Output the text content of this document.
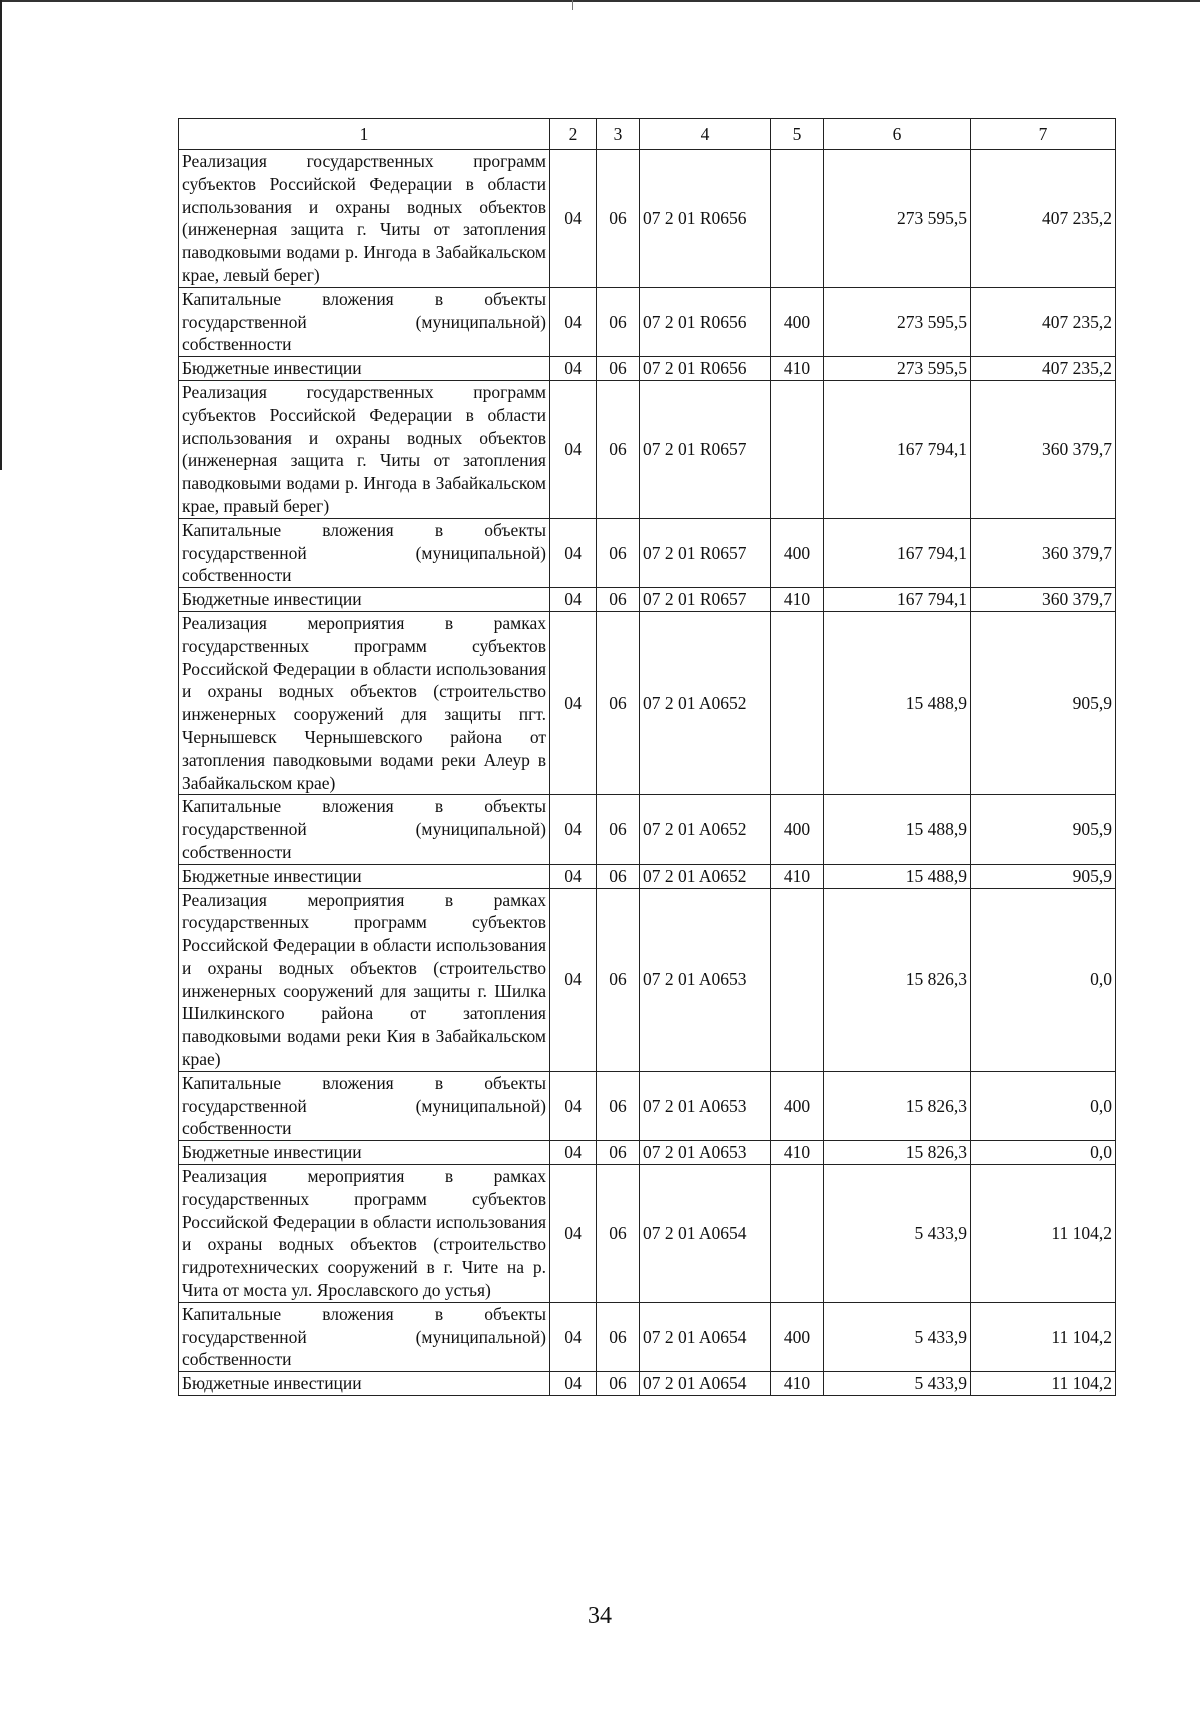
1	2	3	4	5	6	7
Реализация государственных программ субъектов Российской Федерации в области использования и охраны водных объектов (инженерная защита г. Читы от затопления паводковыми водами р. Ингода в Забайкальском крае, левый берег)	04	06	07 2 01 R0656		273 595,5	407 235,2
Капитальные вложения в объекты государственной (муниципальной) собственности	04	06	07 2 01 R0656	400	273 595,5	407 235,2
Бюджетные инвестиции	04	06	07 2 01 R0656	410	273 595,5	407 235,2
Реализация государственных программ субъектов Российской Федерации в области использования и охраны водных объектов (инженерная защита г. Читы от затопления паводковыми водами р. Ингода в Забайкальском крае, правый берег)	04	06	07 2 01 R0657		167 794,1	360 379,7
Капитальные вложения в объекты государственной (муниципальной) собственности	04	06	07 2 01 R0657	400	167 794,1	360 379,7
Бюджетные инвестиции	04	06	07 2 01 R0657	410	167 794,1	360 379,7
Реализация мероприятия в рамках государственных программ субъектов Российской Федерации в области использования и охраны водных объектов (строительство инженерных сооружений для защиты пгт. Чернышевск Чернышевского района от затопления паводковыми водами реки Алеур в Забайкальском крае)	04	06	07 2 01 A0652		15 488,9	905,9
Капитальные вложения в объекты государственной (муниципальной) собственности	04	06	07 2 01 A0652	400	15 488,9	905,9
Бюджетные инвестиции	04	06	07 2 01 A0652	410	15 488,9	905,9
Реализация мероприятия в рамках государственных программ субъектов Российской Федерации в области использования и охраны водных объектов (строительство инженерных сооружений для защиты г. Шилка Шилкинского района от затопления паводковыми водами реки Кия в Забайкальском крае)	04	06	07 2 01 A0653		15 826,3	0,0
Капитальные вложения в объекты государственной (муниципальной) собственности	04	06	07 2 01 A0653	400	15 826,3	0,0
Бюджетные инвестиции	04	06	07 2 01 A0653	410	15 826,3	0,0
Реализация мероприятия в рамках государственных программ субъектов Российской Федерации в области использования и охраны водных объектов (строительство гидротехнических сооружений в г. Чите на р. Чита от моста ул. Ярославского до устья)	04	06	07 2 01 A0654		5 433,9	11 104,2
Капитальные вложения в объекты государственной (муниципальной) собственности	04	06	07 2 01 A0654	400	5 433,9	11 104,2
Бюджетные инвестиции	04	06	07 2 01 A0654	410	5 433,9	11 104,2
34
